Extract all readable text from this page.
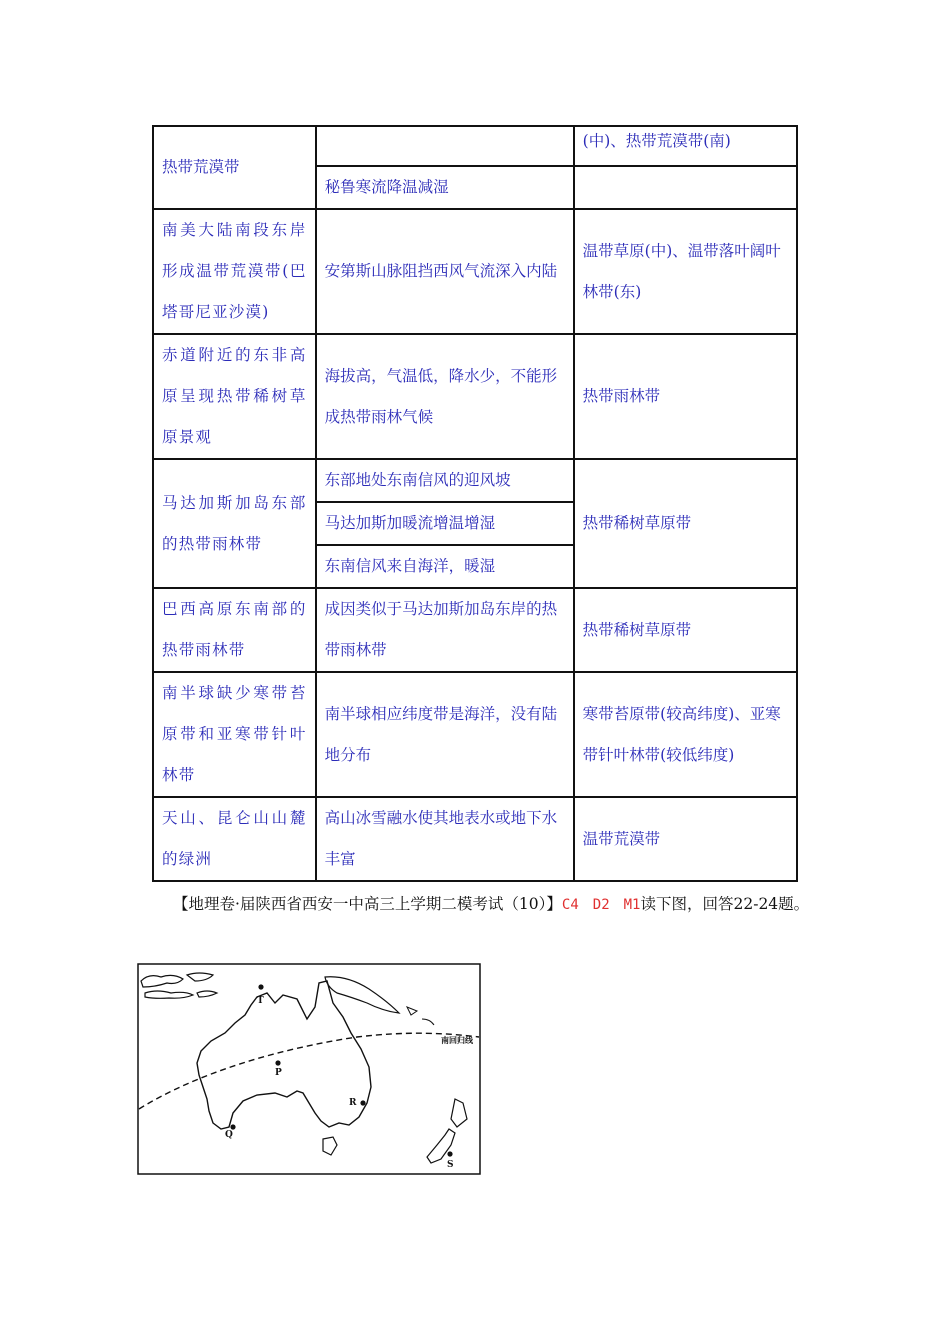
热带荒漠带		(中)、热带荒漠带(南)
	秘鲁寒流降温减湿	
南美大陆南段东岸形成温带荒漠带(巴塔哥尼亚沙漠)	安第斯山脉阻挡西风气流深入内陆	温带草原(中)、温带落叶阔叶林带(东)
赤道附近的东非高原呈现热带稀树草原景观	海拔高，气温低，降水少，不能形成热带雨林气候	热带雨林带
马达加斯加岛东部的热带雨林带	东部地处东南信风的迎风坡	热带稀树草原带
	马达加斯加暖流增温增湿	
	东南信风来自海洋，暖湿	
巴西高原东南部的热带雨林带	成因类似于马达加斯加岛东岸的热带雨林带	热带稀树草原带
南半球缺少寒带苔原带和亚寒带针叶林带	南半球相应纬度带是海洋，没有陆地分布	寒带苔原带(较高纬度)、亚寒带针叶林带(较低纬度)
天山、昆仑山山麓的绿洲	高山冰雪融水使其地表水或地下水丰富	温带荒漠带
【地理卷·届陕西省西安一中高三上学期二模考试（10）】C4　D2　M1读下图，回答22-24题。
南回归线
T
P
Q
R
S
